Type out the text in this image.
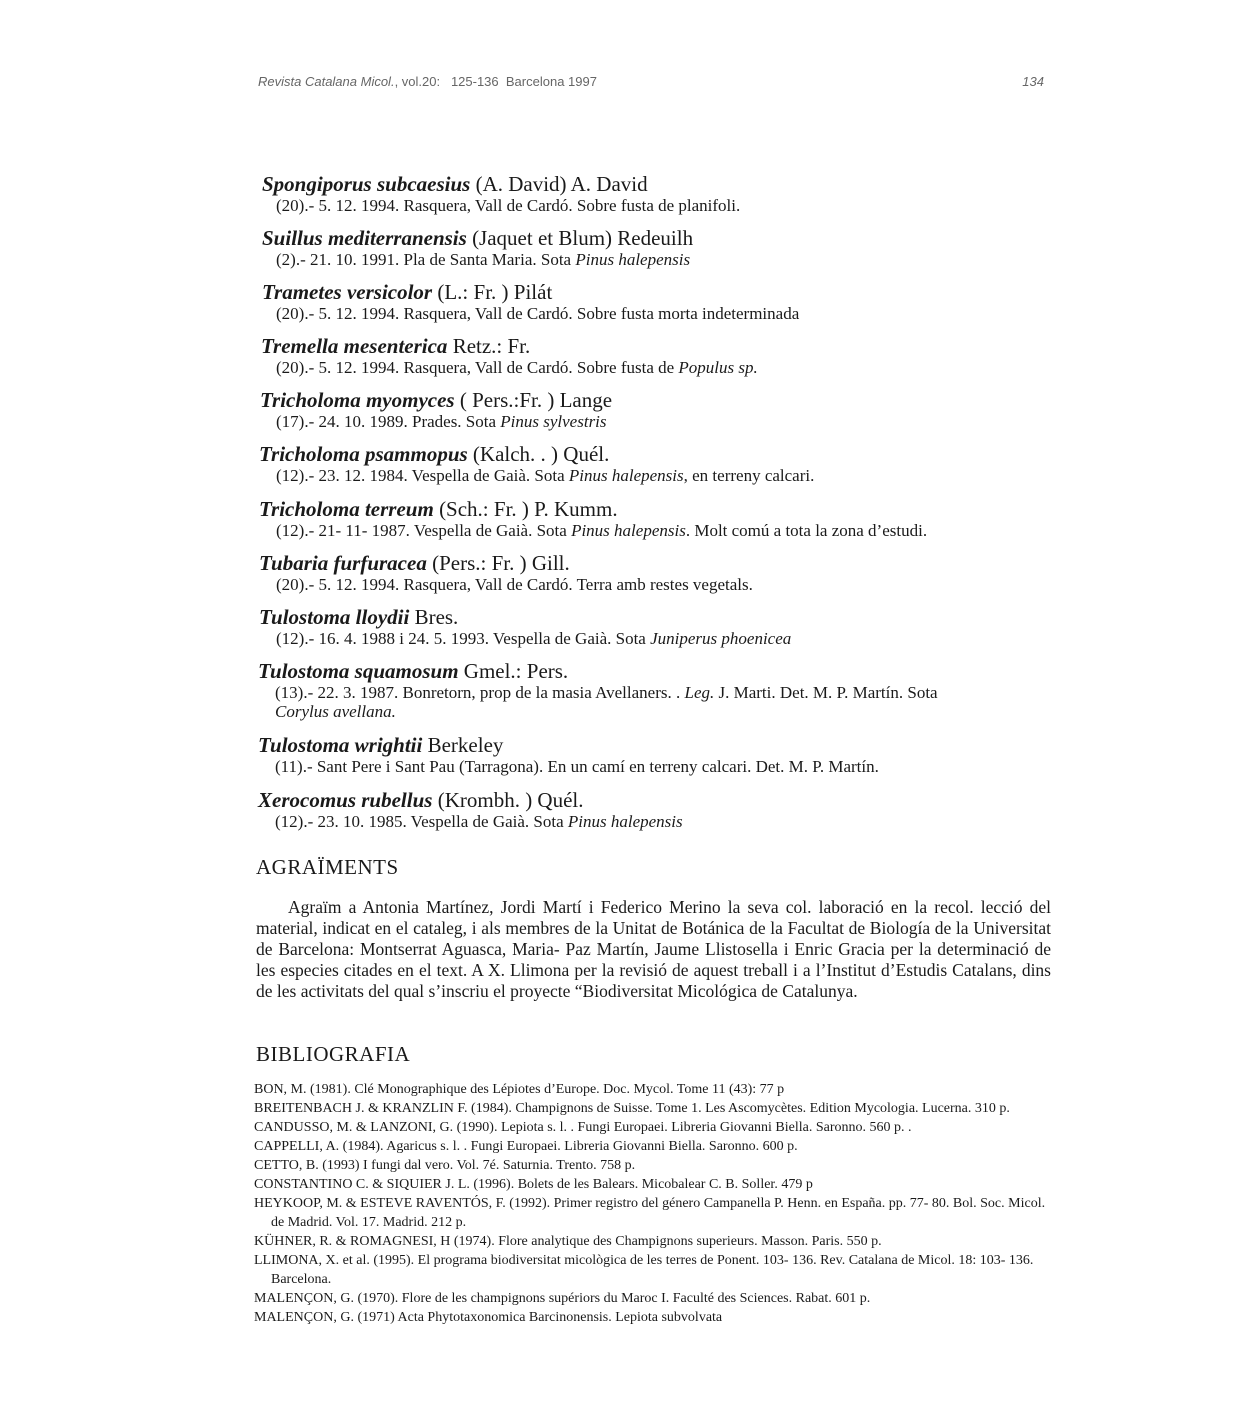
Revista Catalana Micol., vol.20: 125-136 Barcelona 1997	134
Spongiporus subcaesius (A. David) A. David
(20).- 5. 12. 1994. Rasquera, Vall de Cardó. Sobre fusta de planifoli.
Suillus mediterranensis (Jaquet et Blum) Redeuilh
(2).- 21. 10. 1991. Pla de Santa Maria. Sota Pinus halepensis
Trametes versicolor (L.: Fr. ) Pilát
(20).- 5. 12. 1994. Rasquera, Vall de Cardó. Sobre fusta morta indeterminada
Tremella mesenterica Retz.: Fr.
(20).- 5. 12. 1994. Rasquera, Vall de Cardó. Sobre fusta de Populus sp.
Tricholoma myomyces ( Pers.:Fr. ) Lange
(17).- 24. 10. 1989. Prades. Sota Pinus sylvestris
Tricholoma psammopus (Kalch. . ) Quél.
(12).- 23. 12. 1984. Vespella de Gaià. Sota Pinus halepensis, en terreny calcari.
Tricholoma terreum (Sch.: Fr. ) P. Kumm.
(12).- 21- 11- 1987. Vespella de Gaià. Sota Pinus halepensis. Molt comú a tota la zona d’estudi.
Tubaria furfuracea (Pers.: Fr. ) Gill.
(20).- 5. 12. 1994. Rasquera, Vall de Cardó. Terra amb restes vegetals.
Tulostoma lloydii Bres.
(12).- 16. 4. 1988 i 24. 5. 1993. Vespella de Gaià. Sota Juniperus phoenicea
Tulostoma squamosum Gmel.: Pers.
(13).- 22. 3. 1987. Bonretorn, prop de la masia Avellaners. . Leg. J. Marti. Det. M. P. Martín. Sota
Corylus avellana.
Tulostoma wrightii Berkeley
(11).- Sant Pere i Sant Pau (Tarragona). En un camí en terreny calcari. Det. M. P. Martín.
Xerocomus rubellus (Krombh. ) Quél.
(12).- 23. 10. 1985. Vespella de Gaià. Sota Pinus halepensis
AGRAÏMENTS

Agraïm a Antonia Martínez, Jordi Martí i Federico Merino la seva col. laboració en la recol. lecció del material, indicat en el cataleg, i als membres de la Unitat de Botánica de la Facultat de Biología de la Universitat de Barcelona: Montserrat Aguasca, Maria- Paz Martín, Jaume Llistosella i Enric Gracia per la determinació de les especies citades en el text. A X. Llimona per la revisió de aquest treball i a l’Institut d’Estudis Catalans, dins de les activitats del qual s’inscriu el proyecte “Biodiversitat Micológica de Catalunya.

BIBLIOGRAFIA
BON, M. (1981). Clé Monographique des Lépiotes d’Europe. Doc. Mycol. Tome 11 (43): 77 p
BREITENBACH J. & KRANZLIN F. (1984). Champignons de Suisse. Tome 1. Les Ascomycètes. Edition Mycologia. Lucerna. 310 p.
CANDUSSO, M. & LANZONI, G. (1990). Lepiota s. l. . Fungi Europaei. Libreria Giovanni Biella. Saronno. 560 p. .
CAPPELLI, A. (1984). Agaricus s. l. . Fungi Europaei. Libreria Giovanni Biella. Saronno. 600 p.
CETTO, B. (1993) I fungi dal vero. Vol. 7é. Saturnia. Trento. 758 p.
CONSTANTINO C. & SIQUIER J. L. (1996). Bolets de les Balears. Micobalear C. B. Soller. 479 p
HEYKOOP, M. & ESTEVE RAVENTÓS, F. (1992). Primer registro del género Campanella P. Henn. en España. pp. 77- 80. Bol. Soc. Micol. de Madrid. Vol. 17. Madrid. 212 p.
KÜHNER, R. & ROMAGNESI, H (1974). Flore analytique des Champignons superieurs. Masson. Paris. 550 p.
LLIMONA, X. et al. (1995). El programa biodiversitat micològica de les terres de Ponent. 103- 136. Rev. Catalana de Micol. 18: 103- 136. Barcelona.
MALENÇON, G. (1970). Flore de les champignons supériors du Maroc I. Faculté des Sciences. Rabat. 601 p.
MALENÇON, G. (1971) Acta Phytotaxonomica Barcinonensis. Lepiota subvolvata
